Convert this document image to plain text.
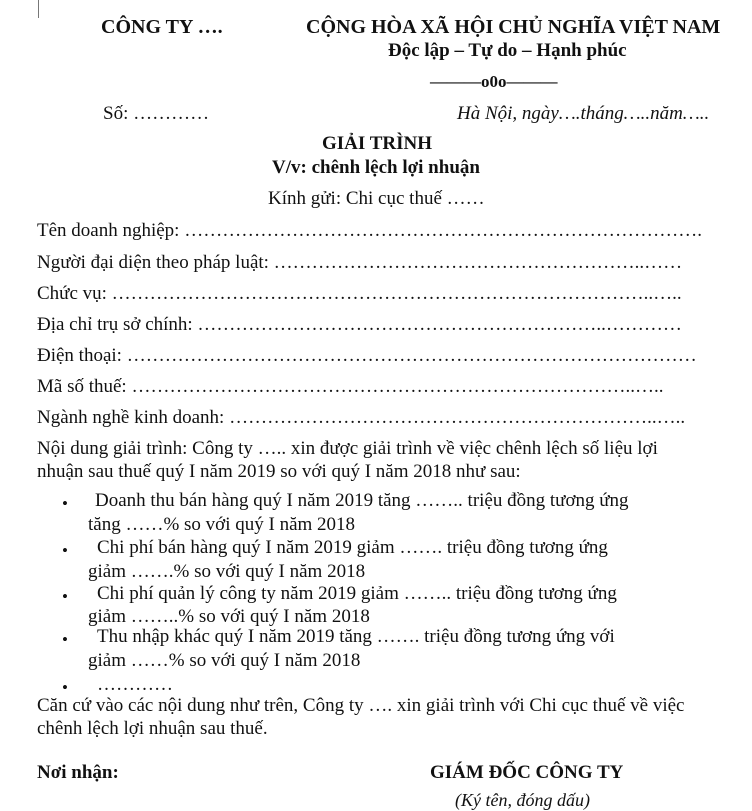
CÔNG TY ….	CỘNG HÒA XÃ HỘI CHỦ NGHĨA VIỆT NAM
Độc lập – Tự do – Hạnh phúc
———o0o———
Số: …………	Hà Nội, ngày….tháng…..năm…..
GIẢI TRÌNH
V/v: chênh lệch lợi nhuận
Kính gửi: Chi cục thuế ……
Tên doanh nghiệp: ……………………………………………………………………….
Người đại diện theo pháp luật: …………………………………………………..……
Chức vụ: …………………………………………………………………………..…..
Địa chỉ trụ sở chính: ………………………………………………………..…………
Điện thoại: ………………………………………………………………………………
Mã số thuế: ……………………………………………………………………..…..
Ngành nghề kinh doanh: …………………………………………………………..…..
Nội dung giải trình: Công ty ….. xin được giải trình về việc chênh lệch số liệu lợi
nhuận sau thuế quý I năm 2019 so với quý I năm 2018 như sau:
• Doanh thu bán hàng quý I năm 2019 tăng …….. triệu đồng tương ứng
tăng ……% so với quý I năm 2018
• Chi phí bán hàng quý I năm 2019 giảm ……. triệu đồng tương ứng
giảm …….% so với quý I năm 2018
• Chi phí quản lý công ty năm 2019 giảm …….. triệu đồng tương ứng
giảm ……..% so với quý I năm 2018
• Thu nhập khác quý I năm 2019 tăng ……. triệu đồng tương ứng với
giảm ……% so với quý I năm 2018
• …………
Căn cứ vào các nội dung như trên, Công ty …. xin giải trình với Chi cục thuế về việc
chênh lệch lợi nhuận sau thuế.
Nơi nhận:	GIÁM ĐỐC CÔNG TY
(Ký tên, đóng dấu)
